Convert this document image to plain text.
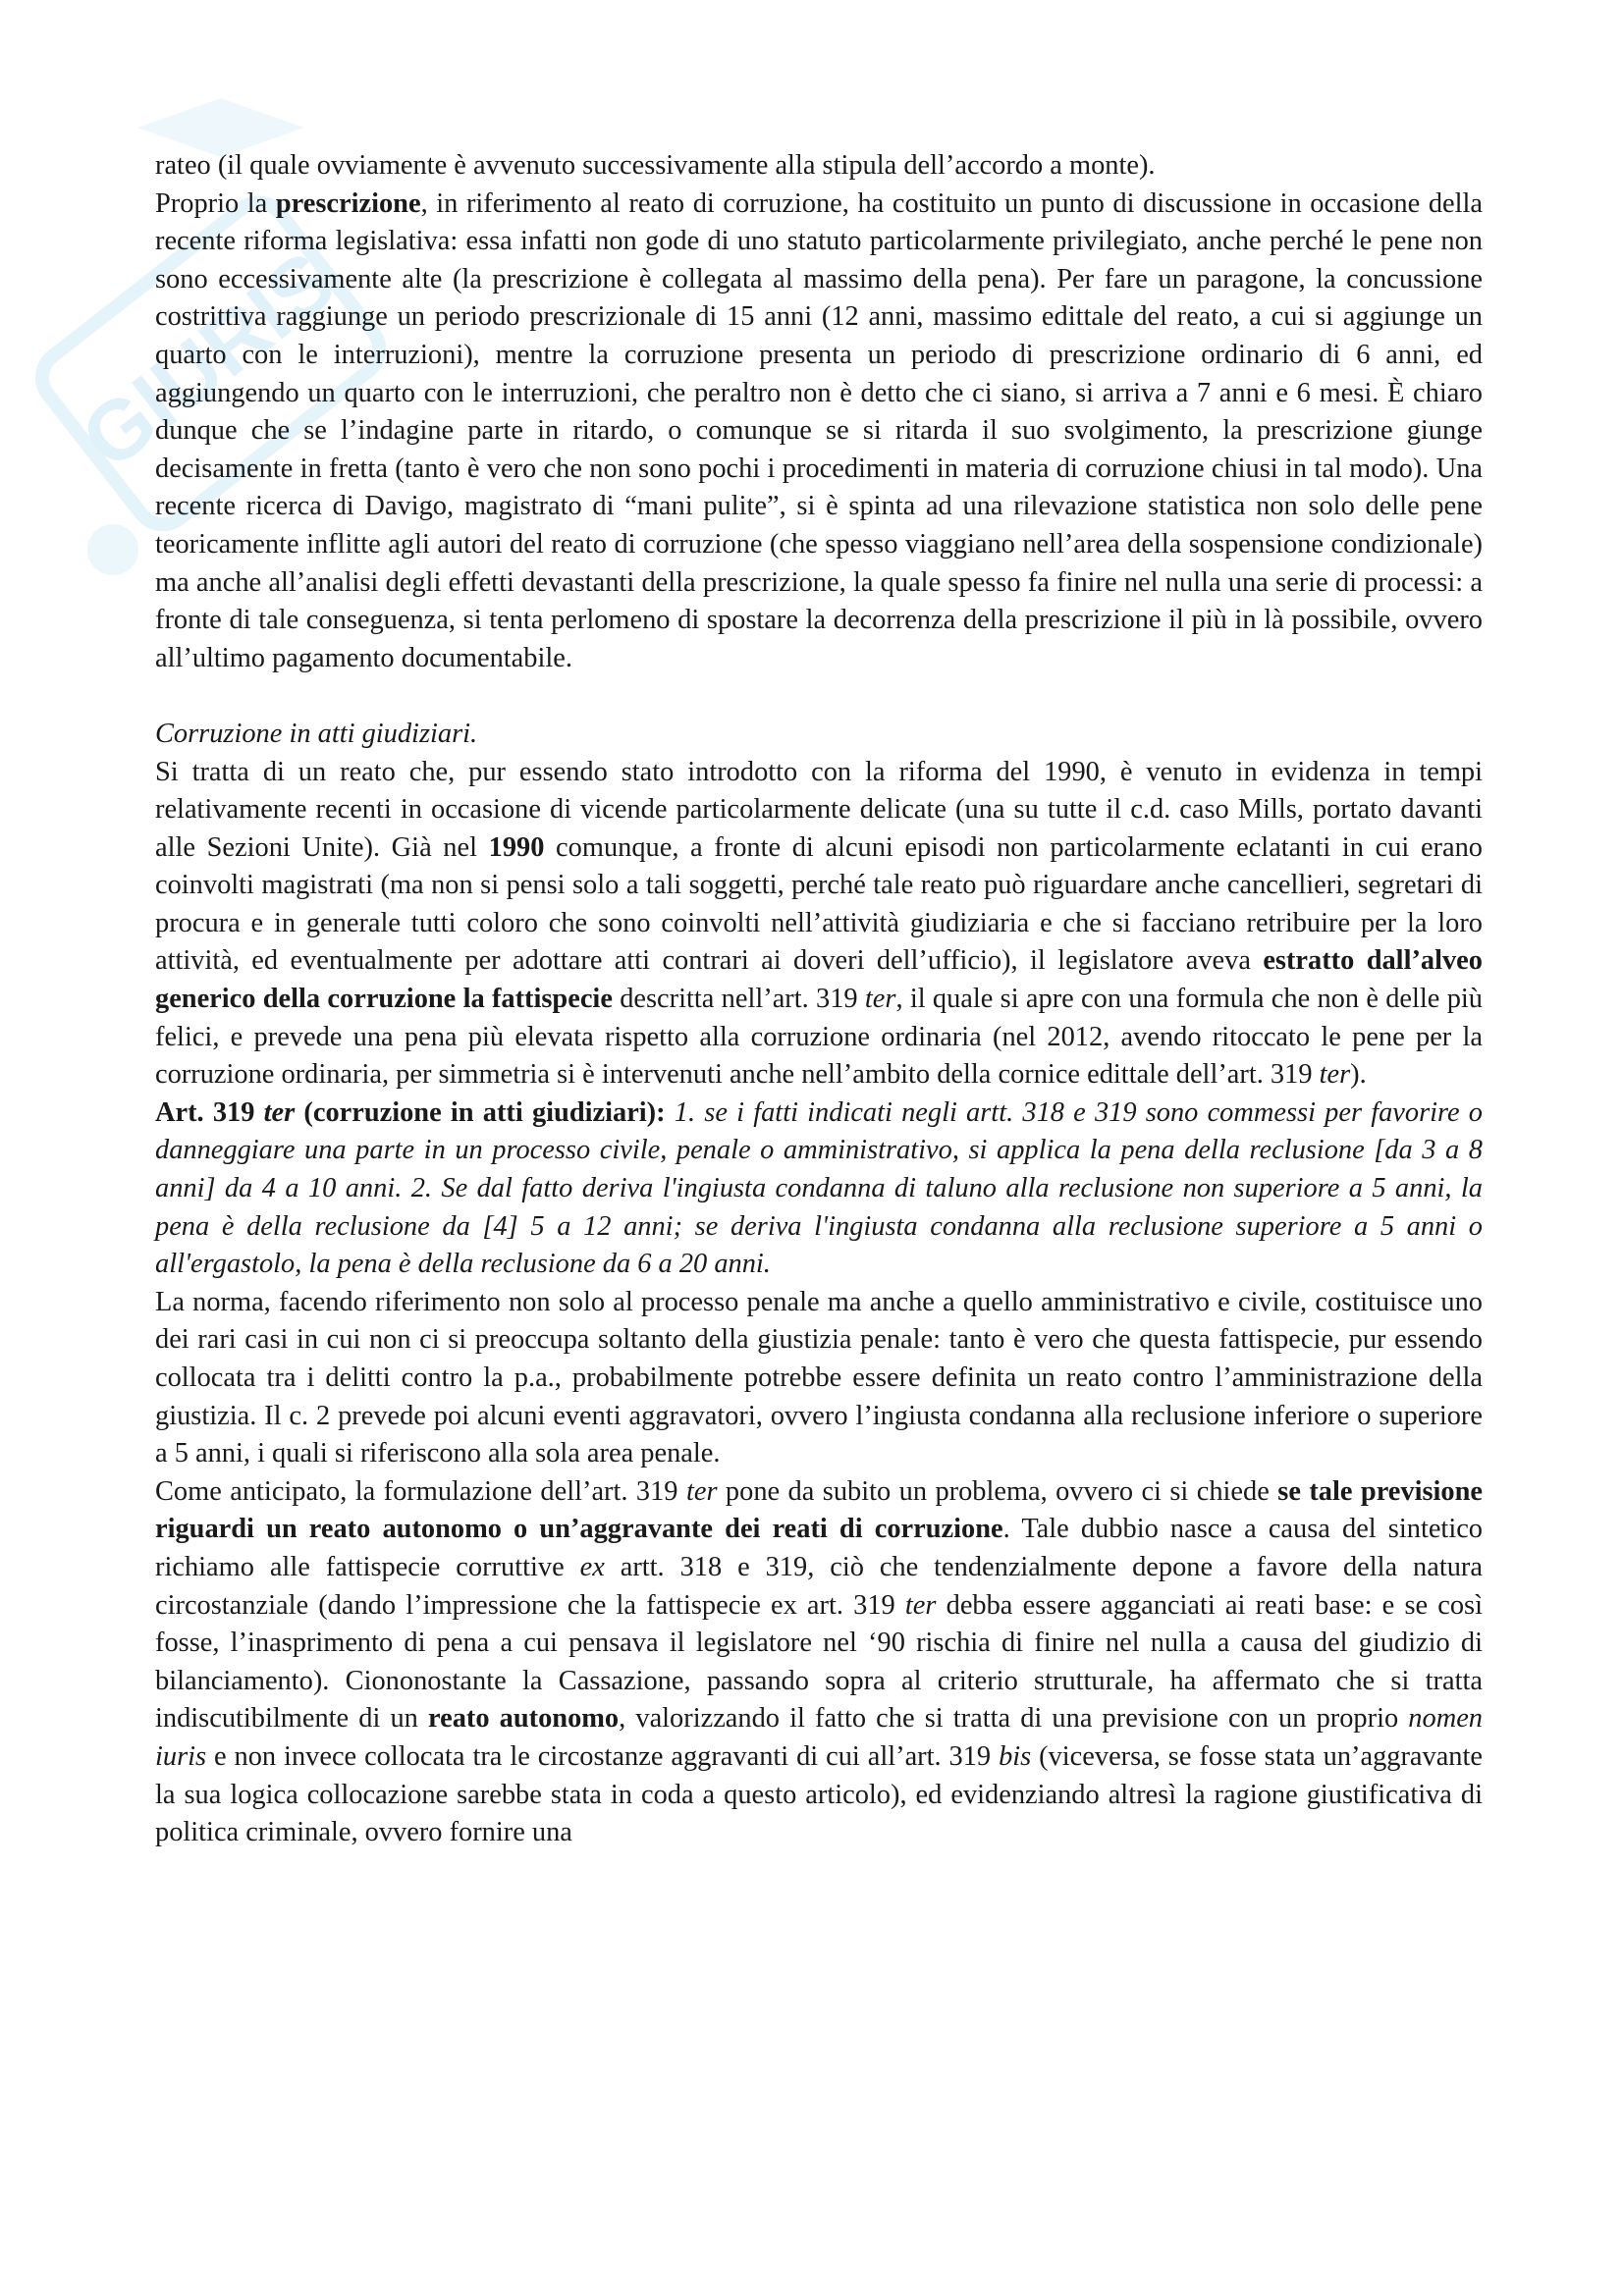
GIURIS

rateo (il quale ovviamente è avvenuto successivamente alla stipula dell’accordo a monte).

Proprio la prescrizione, in riferimento al reato di corruzione, ha costituito un punto di discussione in occasione della recente riforma legislativa: essa infatti non gode di uno statuto particolarmente privilegiato, anche perché le pene non sono eccessivamente alte (la prescrizione è collegata al massimo della pena). Per fare un paragone, la concussione costrittiva raggiunge un periodo prescrizionale di 15 anni (12 anni, massimo edittale del reato, a cui si aggiunge un quarto con le interruzioni), mentre la corruzione presenta un periodo di prescrizione ordinario di 6 anni, ed aggiungendo un quarto con le interruzioni, che peraltro non è detto che ci siano, si arriva a 7 anni e 6 mesi. È chiaro dunque che se l’indagine parte in ritardo, o comunque se si ritarda il suo svolgimento, la prescrizione giunge decisamente in fretta (tanto è vero che non sono pochi i procedimenti in materia di corruzione chiusi in tal modo). Una recente ricerca di Davigo, magistrato di “mani pulite”, si è spinta ad una rilevazione statistica non solo delle pene teoricamente inflitte agli autori del reato di corruzione (che spesso viaggiano nell’area della sospensione condizionale) ma anche all’analisi degli effetti devastanti della prescrizione, la quale spesso fa finire nel nulla una serie di processi: a fronte di tale conseguenza, si tenta perlomeno di spostare la decorrenza della prescrizione il più in là possibile, ovvero all’ultimo pagamento documentabile.

Corruzione in atti giudiziari.

Si tratta di un reato che, pur essendo stato introdotto con la riforma del 1990, è venuto in evidenza in tempi relativamente recenti in occasione di vicende particolarmente delicate (una su tutte il c.d. caso Mills, portato davanti alle Sezioni Unite). Già nel 1990 comunque, a fronte di alcuni episodi non particolarmente eclatanti in cui erano coinvolti magistrati (ma non si pensi solo a tali soggetti, perché tale reato può riguardare anche cancellieri, segretari di procura e in generale tutti coloro che sono coinvolti nell’attività giudiziaria e che si facciano retribuire per la loro attività, ed eventualmente per adottare atti contrari ai doveri dell’ufficio), il legislatore aveva estratto dall’alveo generico della corruzione la fattispecie descritta nell’art. 319 ter, il quale si apre con una formula che non è delle più felici, e prevede una pena più elevata rispetto alla corruzione ordinaria (nel 2012, avendo ritoccato le pene per la corruzione ordinaria, per simmetria si è intervenuti anche nell’ambito della cornice edittale dell’art. 319 ter).

Art. 319 ter (corruzione in atti giudiziari): 1. se i fatti indicati negli artt. 318 e 319 sono commessi per favorire o danneggiare una parte in un processo civile, penale o amministrativo, si applica la pena della reclusione [da 3 a 8 anni] da 4 a 10 anni. 2. Se dal fatto deriva l'ingiusta condanna di taluno alla reclusione non superiore a 5 anni, la pena è della reclusione da [4] 5 a 12 anni; se deriva l'ingiusta condanna alla reclusione superiore a 5 anni o all'ergastolo, la pena è della reclusione da 6 a 20 anni.

La norma, facendo riferimento non solo al processo penale ma anche a quello amministrativo e civile, costituisce uno dei rari casi in cui non ci si preoccupa soltanto della giustizia penale: tanto è vero che questa fattispecie, pur essendo collocata tra i delitti contro la p.a., probabilmente potrebbe essere definita un reato contro l’amministrazione della giustizia. Il c. 2 prevede poi alcuni eventi aggravatori, ovvero l’ingiusta condanna alla reclusione inferiore o superiore a 5 anni, i quali si riferiscono alla sola area penale.

Come anticipato, la formulazione dell’art. 319 ter pone da subito un problema, ovvero ci si chiede se tale previsione riguardi un reato autonomo o un’aggravante dei reati di corruzione. Tale dubbio nasce a causa del sintetico richiamo alle fattispecie corruttive ex artt. 318 e 319, ciò che tendenzialmente depone a favore della natura circostanziale (dando l’impressione che la fattispecie ex art. 319 ter debba essere agganciati ai reati base: e se così fosse, l’inasprimento di pena a cui pensava il legislatore nel ‘90 rischia di finire nel nulla a causa del giudizio di bilanciamento). Ciononostante la Cassazione, passando sopra al criterio strutturale, ha affermato che si tratta indiscutibilmente di un reato autonomo, valorizzando il fatto che si tratta di una previsione con un proprio nomen iuris e non invece collocata tra le circostanze aggravanti di cui all’art. 319 bis (viceversa, se fosse stata un’aggravante la sua logica collocazione sarebbe stata in coda a questo articolo), ed evidenziando altresì la ragione giustificativa di politica criminale, ovvero fornire una
